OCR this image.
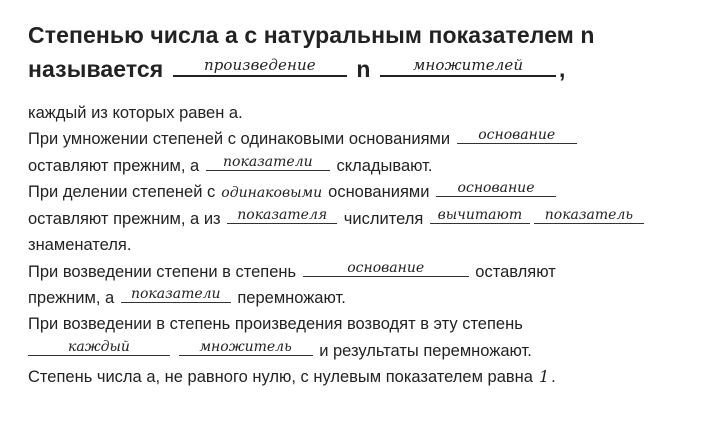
Степенью числа a с натуральным показателем n
называется	произведение	n	множителей	,
каждый из которых равен a.
При умножении степеней с одинаковыми основаниями	основание
оставляют прежним, а	показатели	складывают.
При делении степеней с одинаковыми основаниями	основание
оставляют прежним, а из	показателя	числителя	вычитают	показатель
знаменателя.
При возведении степени в степень	основание	оставляют
прежним, а	показатели	перемножают.
При возведении в степень произведения возводят в эту степень
каждый
	множитель	и результаты перемножают.
Степень числа a, не равного нулю, с нулевым показателем равна 1 .
